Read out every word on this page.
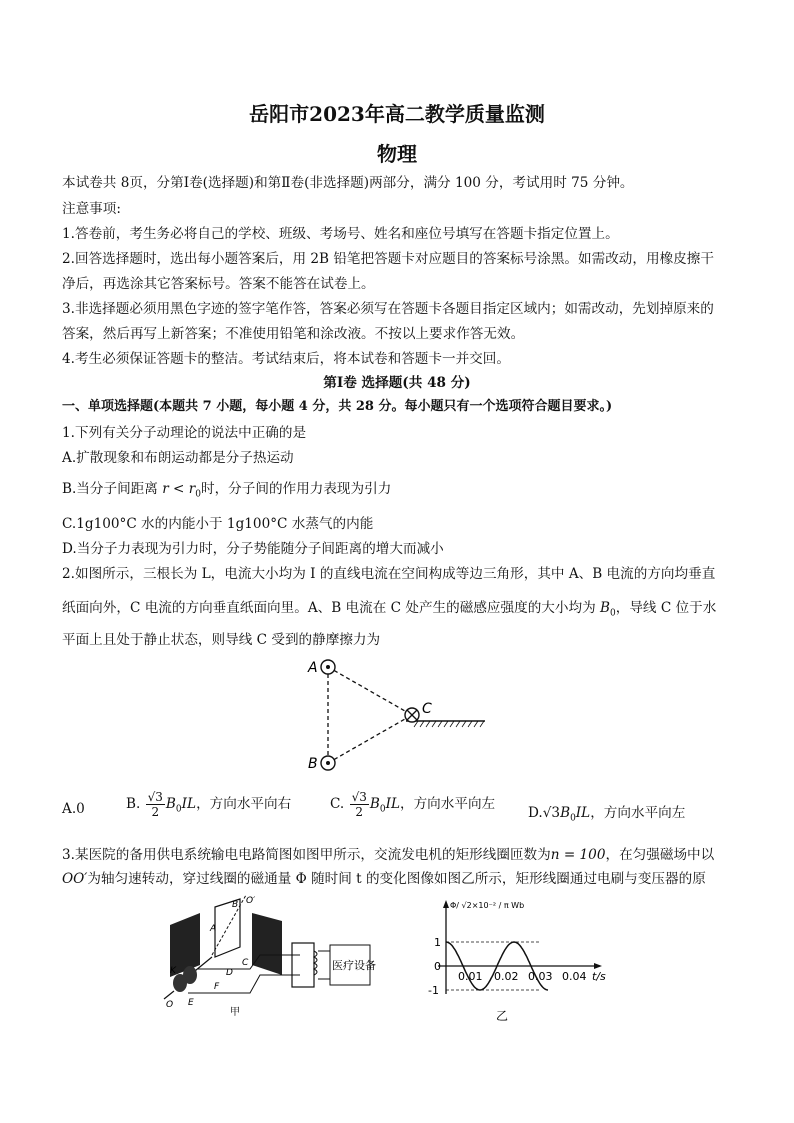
岳阳市2023年高二教学质量监测
物理
本试卷共 8页，分第Ⅰ卷(选择题)和第Ⅱ卷(非选择题)两部分，满分 100 分，考试用时 75 分钟。
注意事项:
1.答卷前，考生务必将自己的学校、班级、考场号、姓名和座位号填写在答题卡指定位置上。
2.回答选择题时，选出每小题答案后，用 2B 铅笔把答题卡对应题目的答案标号涂黑。如需改动，用橡皮擦干
净后，再选涂其它答案标号。答案不能答在试卷上。
3.非选择题必须用黑色字迹的签字笔作答，答案必须写在答题卡各题目指定区域内；如需改动，先划掉原来的
答案，然后再写上新答案；不准使用铅笔和涂改液。不按以上要求作答无效。
4.考生必须保证答题卡的整洁。考试结束后，将本试卷和答题卡一并交回。
第Ⅰ卷 选择题(共 48 分)
一、单项选择题(本题共 7 小题，每小题 4 分，共 28 分。每小题只有一个选项符合题目要求。)
1.下列有关分子动理论的说法中正确的是
A.扩散现象和布朗运动都是分子热运动
B.当分子间距离 $r < r_0$时，分子间的作用力表现为引力
C.1g100°C 水的内能小于 1g100°C 水蒸气的内能
D.当分子力表现为引力时，分子势能随分子间距离的增大而减小
2.如图所示，三根长为 L，电流大小均为 I 的直线电流在空间构成等边三角形，其中 A、B 电流的方向均垂直
纸面向外，C 电流的方向垂直纸面向里。A、B 电流在 C 处产生的磁感应强度的大小均为 $B_0$，导线 C 位于水
平面上且处于静止状态，则导线 C 受到的静摩擦力为
A
B
C
A.0	B. $\frac{√3}{2} B_0IL$，方向水平向右	C. $\frac{√3}{2} B_0IL$，方向水平向左
$D.√3B_0IL$，方向水平向左
3.某医院的备用供电系统输电电路简图如图甲所示，交流发电机的矩形线圈匝数为n = 100，在匀强磁场中以
OO′为轴匀速转动，穿过线圈的磁通量 Φ 随时间 t 的变化图像如图乙所示，矩形线圈通过电刷与变压器的原
医疗设备
B O′
A
C
D
F
K
O E
甲
Φ/ √2×10⁻² / π Wb
1
0
-1
0.01 0.02 0.03 0.04 t/s
乙
